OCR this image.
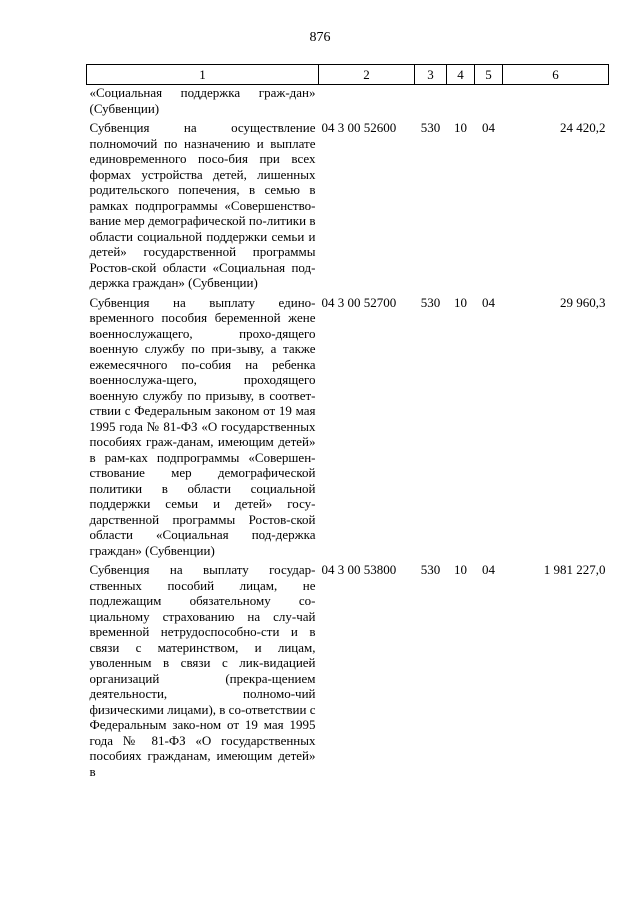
876
1	2	3	4	5	6
«Социальная поддержка граж-дан» (Субвенции)					
Субвенция на осуществление полномочий по назначению и выплате единовременного посо-бия при всех формах устройства детей, лишенных родительского попечения, в семью в рамках подпрограммы «Совершенство-вание мер демографической по-литики в области социальной поддержки семьи и детей» государственной программы Ростов-ской области «Социальная под-держка граждан» (Субвенции)	04 3 00 52600	530	10	04	24 420,2
Субвенция на выплату едино-временного пособия беременной жене военнослужащего, прохо-дящего военную службу по при-зыву, а также ежемесячного по-собия на ребенка военнослужа-щего, проходящего военную службу по призыву, в соответ-ствии с Федеральным законом от 19 мая 1995 года № 81-ФЗ «О государственных пособиях граж-данам, имеющим детей» в рам-ках подпрограммы «Совершен-ствование мер демографической политики в области социальной поддержки семьи и детей» госу-дарственной программы Ростов-ской области «Социальная под-держка граждан» (Субвенции)	04 3 00 52700	530	10	04	29 960,3
Субвенция на выплату государ-ственных пособий лицам, не подлежащим обязательному со-циальному страхованию на слу-чай временной нетрудоспособно-сти и в связи с материнством, и лицам, уволенным в связи с лик-видацией организаций (прекра-щением деятельности, полномо-чий физическими лицами), в со-ответствии с Федеральным зако-ном от 19 мая 1995 года № 81-ФЗ «О государственных пособиях гражданам, имеющим детей» в	04 3 00 53800	530	10	04	1 981 227,0
